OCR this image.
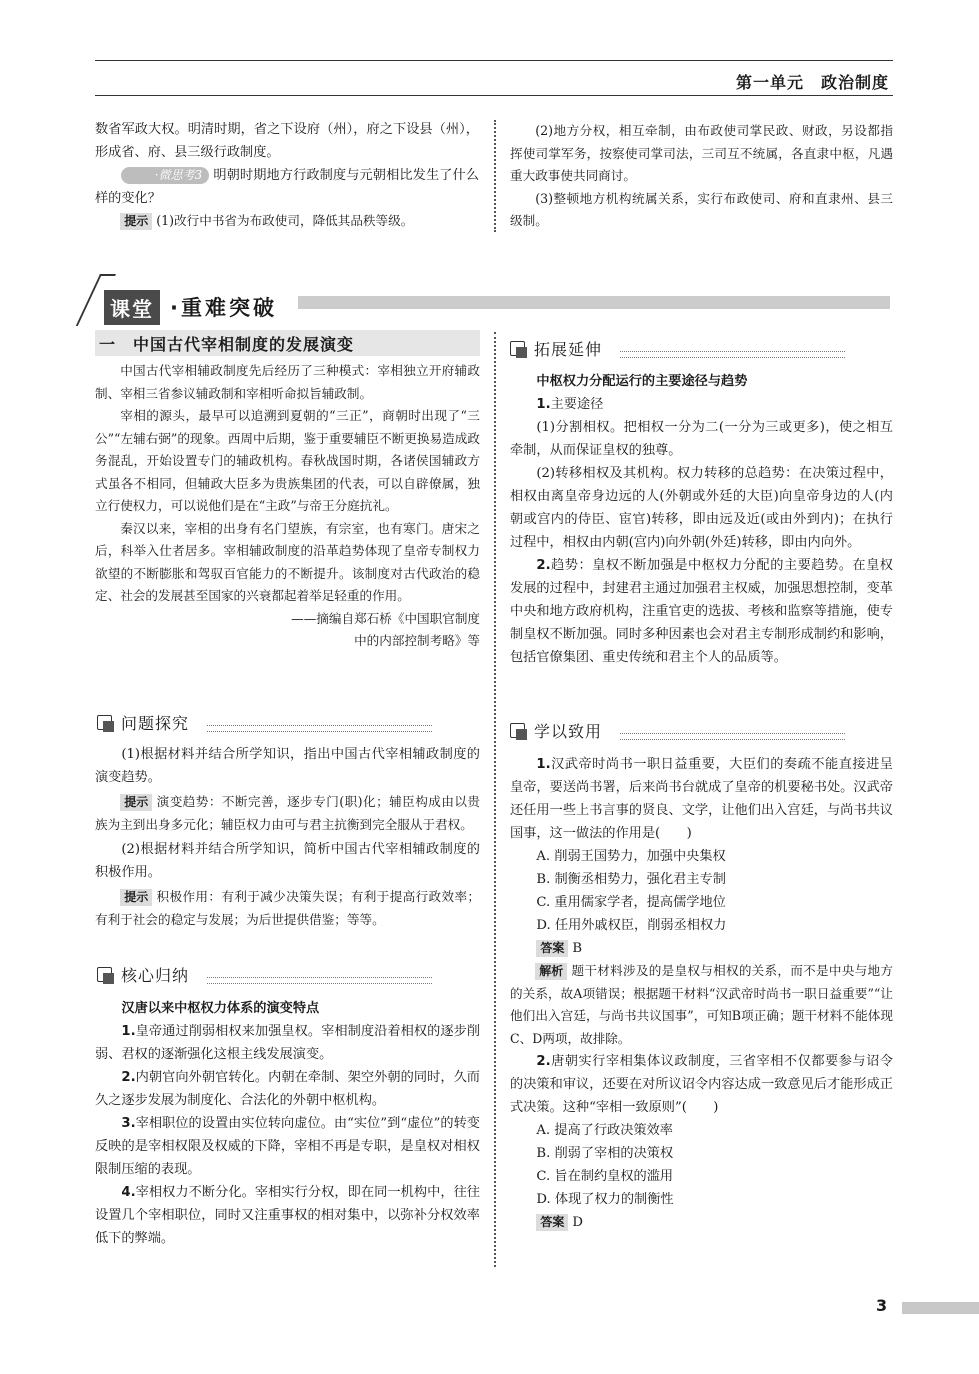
第一单元　政治制度

数省军政大权。明清时期，省之下设府（州），府之下设县（州），形成省、府、县三级行政制度。

·微思考3 明朝时期地方行政制度与元朝相比发生了什么样的变化？

提示 (1)改行中书省为布政使司，降低其品秩等级。

(2)地方分权，相互牵制，由布政使司掌民政、财政，另设都指挥使司掌军务，按察使司掌司法，三司互不统属，各直隶中枢，凡遇重大政事使共同商讨。

(3)整顿地方机构统属关系，实行布政使司、府和直隶州、县三级制。

课堂 ·重难突破
一 中国古代宰相制度的发展演变

中国古代宰相辅政制度先后经历了三种模式：宰相独立开府辅政制、宰相三省参议辅政制和宰相听命拟旨辅政制。

宰相的源头，最早可以追溯到夏朝的“三正”，商朝时出现了“三公”“左辅右弼”的现象。西周中后期，鉴于重要辅臣不断更换易造成政务混乱，开始设置专门的辅政机构。春秋战国时期，各诸侯国辅政方式虽各不相同，但辅政大臣多为贵族集团的代表，可以自辟僚属，独立行使权力，可以说他们是在“主政”与帝王分庭抗礼。

秦汉以来，宰相的出身有名门望族，有宗室，也有寒门。唐宋之后，科举入仕者居多。宰相辅政制度的沿革趋势体现了皇帝专制权力欲望的不断膨胀和驾驭百官能力的不断提升。该制度对古代政治的稳定、社会的发展甚至国家的兴衰都起着举足轻重的作用。

——摘编自郑石桥《中国职官制度

中的内部控制考略》等

问题探究

(1)根据材料并结合所学知识，指出中国古代宰相辅政制度的演变趋势。

提示 演变趋势：不断完善，逐步专门(职)化；辅臣构成由以贵族为主到出身多元化；辅臣权力由可与君主抗衡到完全服从于君权。

(2)根据材料并结合所学知识，简析中国古代宰相辅政制度的积极作用。

提示 积极作用：有利于减少决策失误；有利于提高行政效率；有利于社会的稳定与发展；为后世提供借鉴；等等。

核心归纳

汉唐以来中枢权力体系的演变特点

1.皇帝通过削弱相权来加强皇权。宰相制度沿着相权的逐步削弱、君权的逐渐强化这根主线发展演变。

2.内朝官向外朝官转化。内朝在牵制、架空外朝的同时，久而久之逐步发展为制度化、合法化的外朝中枢机构。

3.宰相职位的设置由实位转向虚位。由“实位”到“虚位”的转变反映的是宰相权限及权威的下降，宰相不再是专职，是皇权对相权限制压缩的表现。

4.宰相权力不断分化。宰相实行分权，即在同一机构中，往往设置几个宰相职位，同时又注重事权的相对集中，以弥补分权效率低下的弊端。

拓展延伸

中枢权力分配运行的主要途径与趋势

1.主要途径

(1)分割相权。把相权一分为二(一分为三或更多)，使之相互牵制，从而保证皇权的独尊。

(2)转移相权及其机构。权力转移的总趋势：在决策过程中，相权由离皇帝身边远的人(外朝或外廷的大臣)向皇帝身边的人(内朝或宫内的侍臣、宦官)转移，即由远及近(或由外到内)；在执行过程中，相权由内朝(宫内)向外朝(外廷)转移，即由内向外。

2.趋势：皇权不断加强是中枢权力分配的主要趋势。在皇权发展的过程中，封建君主通过加强君主权威，加强思想控制，变革中央和地方政府机构，注重官吏的选拔、考核和监察等措施，使专制皇权不断加强。同时多种因素也会对君主专制形成制约和影响，包括官僚集团、重史传统和君主个人的品质等。

学以致用

1.汉武帝时尚书一职日益重要，大臣们的奏疏不能直接进呈皇帝，要送尚书署，后来尚书台就成了皇帝的机要秘书处。汉武帝还任用一些上书言事的贤良、文学，让他们出入宫廷，与尚书共议国事，这一做法的作用是(　　)

A. 削弱王国势力，加强中央集权

B. 制衡丞相势力，强化君主专制

C. 重用儒家学者，提高儒学地位

D. 任用外戚权臣，削弱丞相权力

答案 B

解析 题干材料涉及的是皇权与相权的关系，而不是中央与地方的关系，故A项错误；根据题干材料“汉武帝时尚书一职日益重要”“让他们出入宫廷，与尚书共议国事”，可知B项正确；题干材料不能体现C、D两项，故排除。

2.唐朝实行宰相集体议政制度，三省宰相不仅都要参与诏令的决策和审议，还要在对所议诏令内容达成一致意见后才能形成正式决策。这种“宰相一致原则”(　　)

A. 提高了行政决策效率

B. 削弱了宰相的决策权

C. 旨在制约皇权的滥用

D. 体现了权力的制衡性

答案 D

3
